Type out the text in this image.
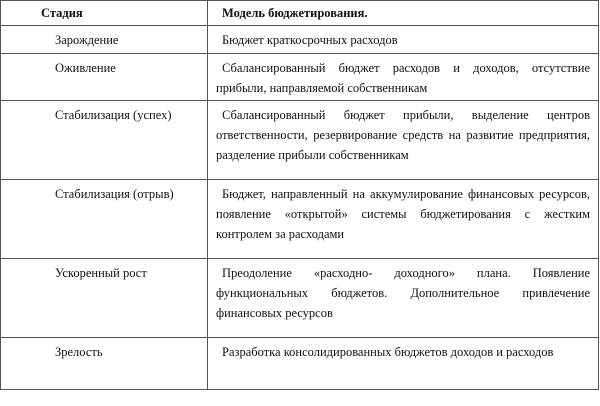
Стадия	Модель бюджетирования.

Зарождение	Бюджет краткосрочных расходов

Оживление	Сбалансированный бюджет расходов и доходов, отсутствие прибыли, направляемой собственникам

Стабилизация (успех)	Сбалансированный бюджет прибыли, выделение центров ответственности, резервирование средств на развитие предприятия, разделение прибыли собственникам

Стабилизация (отрыв)	Бюджет, направленный на аккумулирование финансовых ресурсов, появление «открытой» системы бюджетирования с жестким контролем за расходами

Ускоренный рост	Преодоление «расходно- доходного» плана. Появление функциональных бюджетов. Дополнительное привлечение финансовых ресурсов

Зрелость	Разработка консолидированных бюджетов доходов и расходов
